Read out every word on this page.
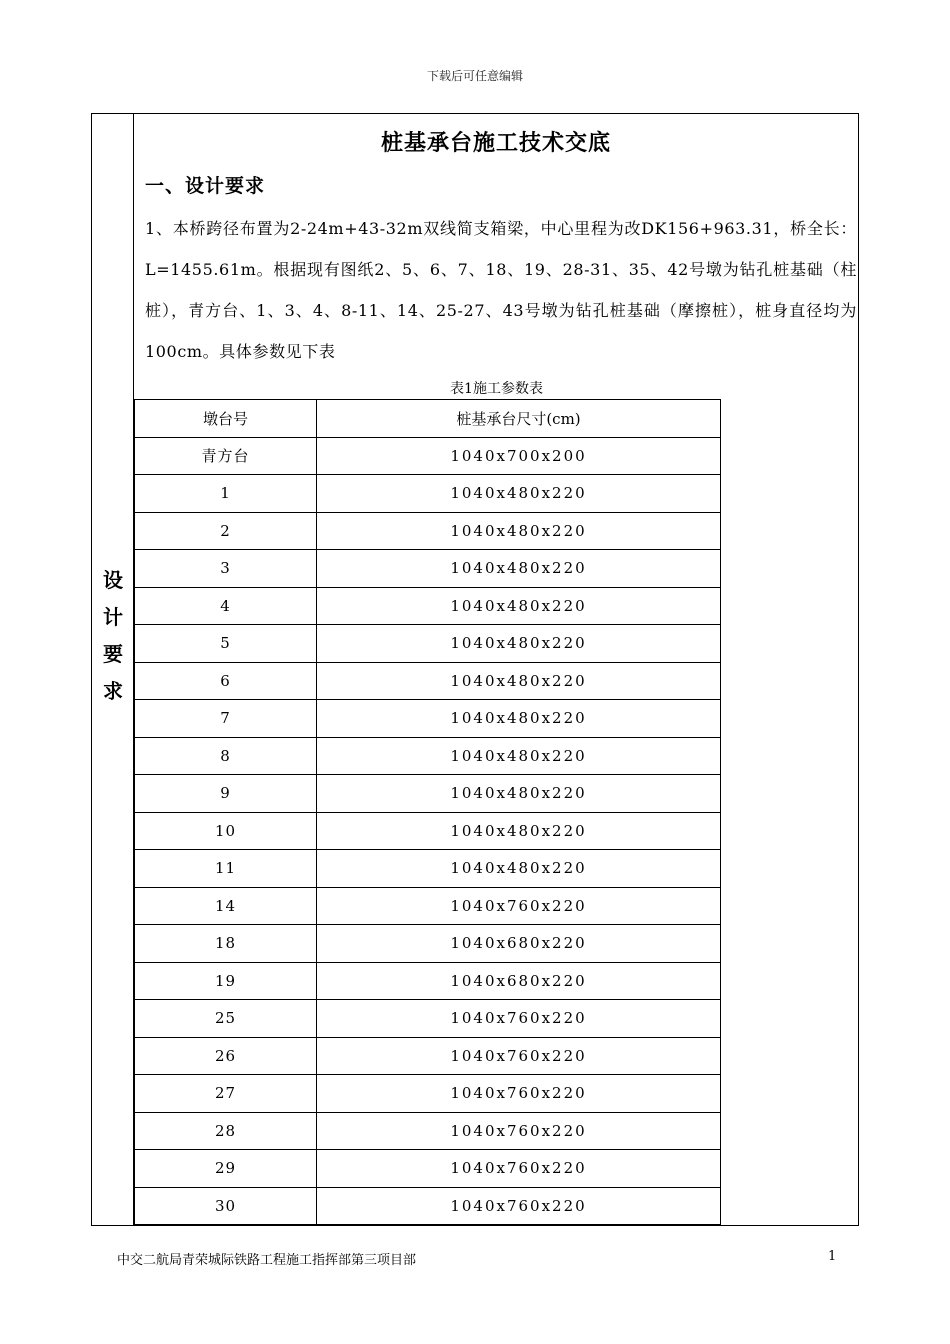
下载后可任意编辑
设
计
要
求
桩基承台施工技术交底
一、设计要求
1、本桥跨径布置为2-24m+43-32m双线简支箱梁，中心里程为改DK156+963.31，桥全长：L=1455.61m。根据现有图纸2、5、6、7、18、19、28-31、35、42号墩为钻孔桩基础（柱桩），青方台、1、3、4、8-11、14、25-27、43号墩为钻孔桩基础（摩擦桩），桩身直径均为100cm。具体参数见下表
表1施工参数表
墩台号	桩基承台尺寸(cm)
青方台	1040x700x200
1	1040x480x220
2	1040x480x220
3	1040x480x220
4	1040x480x220
5	1040x480x220
6	1040x480x220
7	1040x480x220
8	1040x480x220
9	1040x480x220
10	1040x480x220
11	1040x480x220
14	1040x760x220
18	1040x680x220
19	1040x680x220
25	1040x760x220
26	1040x760x220
27	1040x760x220
28	1040x760x220
29	1040x760x220
30	1040x760x220
中交二航局青荣城际铁路工程施工指挥部第三项目部	1
